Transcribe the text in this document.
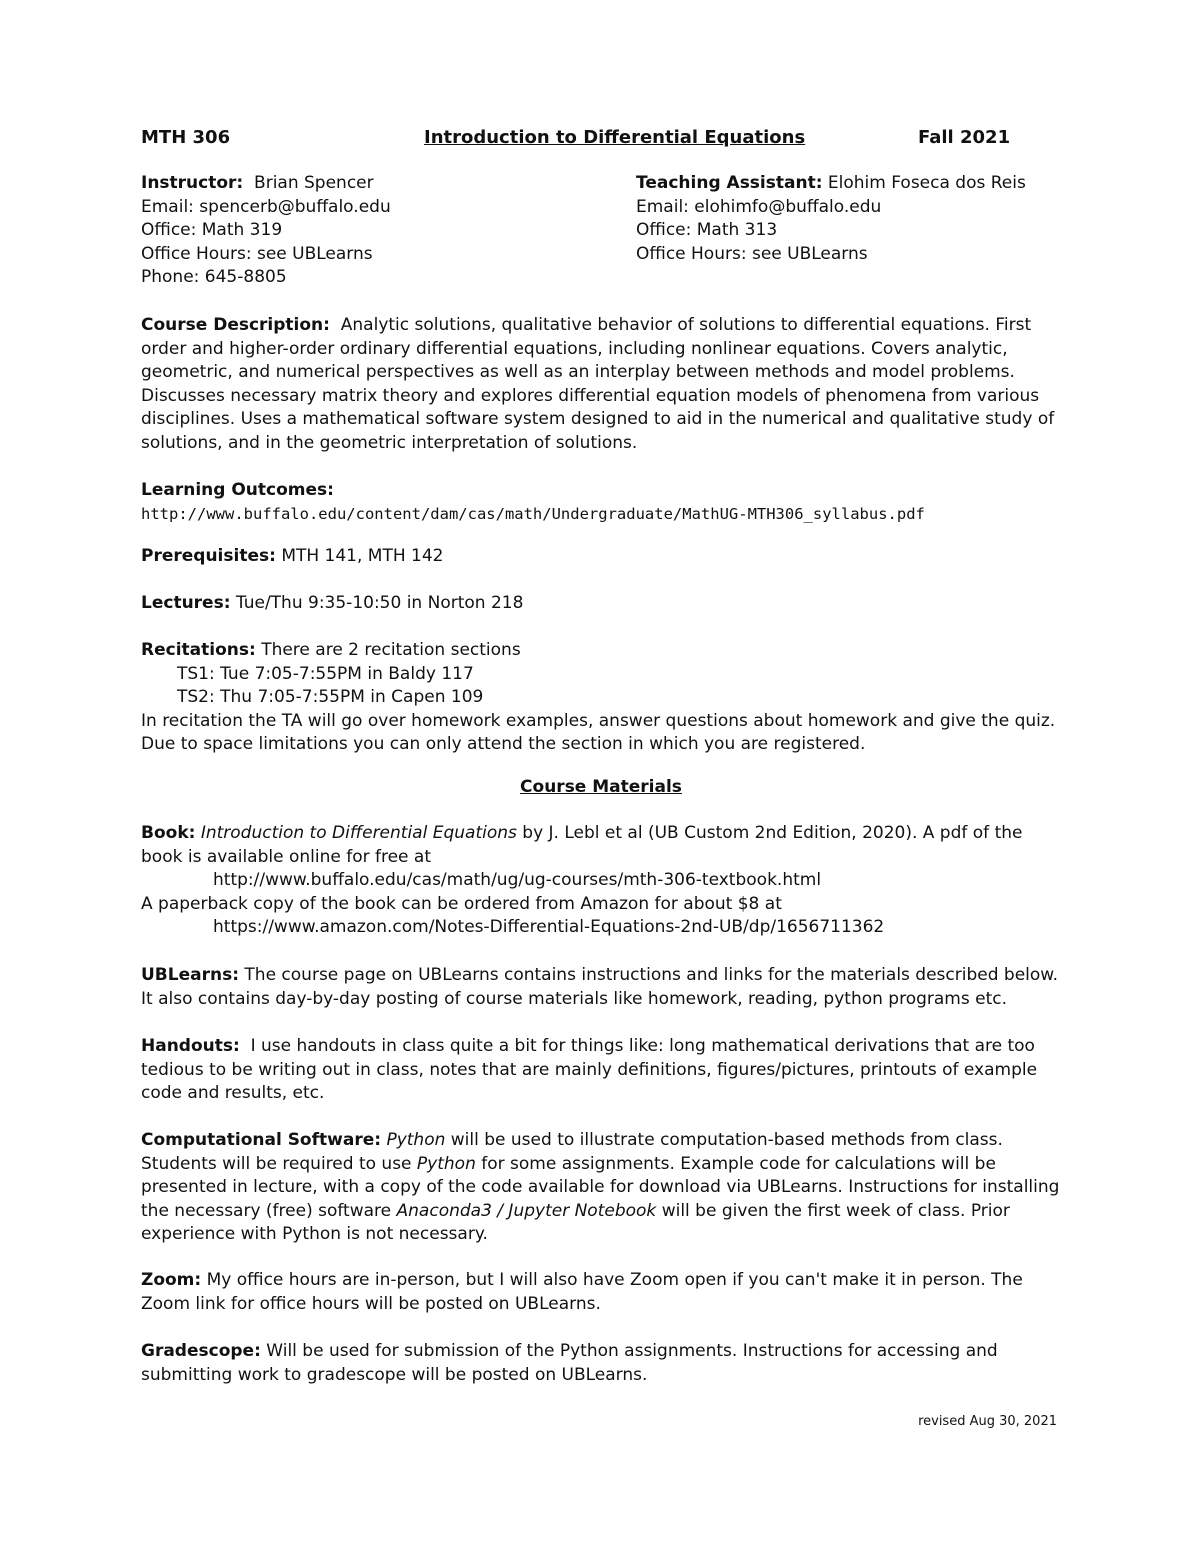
MTH 306	Introduction to Differential Equations	Fall 2021
Instructor: Brian Spencer
Email: spencerb@buffalo.edu
Office: Math 319
Office Hours: see UBLearns
Phone: 645-8805
Teaching Assistant: Elohim Foseca dos Reis
Email: elohimfo@buffalo.edu
Office: Math 313
Office Hours: see UBLearns

Course Description: Analytic solutions, qualitative behavior of solutions to differential equations. First order and higher-order ordinary differential equations, including nonlinear equations. Covers analytic, geometric, and numerical perspectives as well as an interplay between methods and model problems. Discusses necessary matrix theory and explores differential equation models of phenomena from various disciplines. Uses a mathematical software system designed to aid in the numerical and qualitative study of solutions, and in the geometric interpretation of solutions.

Learning Outcomes:

http://www.buffalo.edu/content/dam/cas/math/Undergraduate/MathUG-MTH306_syllabus.pdf

Prerequisites: MTH 141, MTH 142

Lectures: Tue/Thu 9:35-10:50 in Norton 218

Recitations: There are 2 recitation sections

TS1: Tue 7:05-7:55PM in Baldy 117

TS2: Thu 7:05-7:55PM in Capen 109

In recitation the TA will go over homework examples, answer questions about homework and give the quiz.

Due to space limitations you can only attend the section in which you are registered.

Course Materials

Book: Introduction to Differential Equations by J. Lebl et al (UB Custom 2nd Edition, 2020). A pdf of the book is available online for free at

http://www.buffalo.edu/cas/math/ug/ug-courses/mth-306-textbook.html

A paperback copy of the book can be ordered from Amazon for about $8 at

https://www.amazon.com/Notes-Differential-Equations-2nd-UB/dp/1656711362

UBLearns: The course page on UBLearns contains instructions and links for the materials described below. It also contains day-by-day posting of course materials like homework, reading, python programs etc.

Handouts: I use handouts in class quite a bit for things like: long mathematical derivations that are too tedious to be writing out in class, notes that are mainly definitions, figures/pictures, printouts of example code and results, etc.

Computational Software: Python will be used to illustrate computation-based methods from class. Students will be required to use Python for some assignments. Example code for calculations will be presented in lecture, with a copy of the code available for download via UBLearns. Instructions for installing the necessary (free) software Anaconda3 / Jupyter Notebook will be given the first week of class. Prior experience with Python is not necessary.

Zoom: My office hours are in-person, but I will also have Zoom open if you can't make it in person. The Zoom link for office hours will be posted on UBLearns.

Gradescope: Will be used for submission of the Python assignments. Instructions for accessing and submitting work to gradescope will be posted on UBLearns.

revised Aug 30, 2021
